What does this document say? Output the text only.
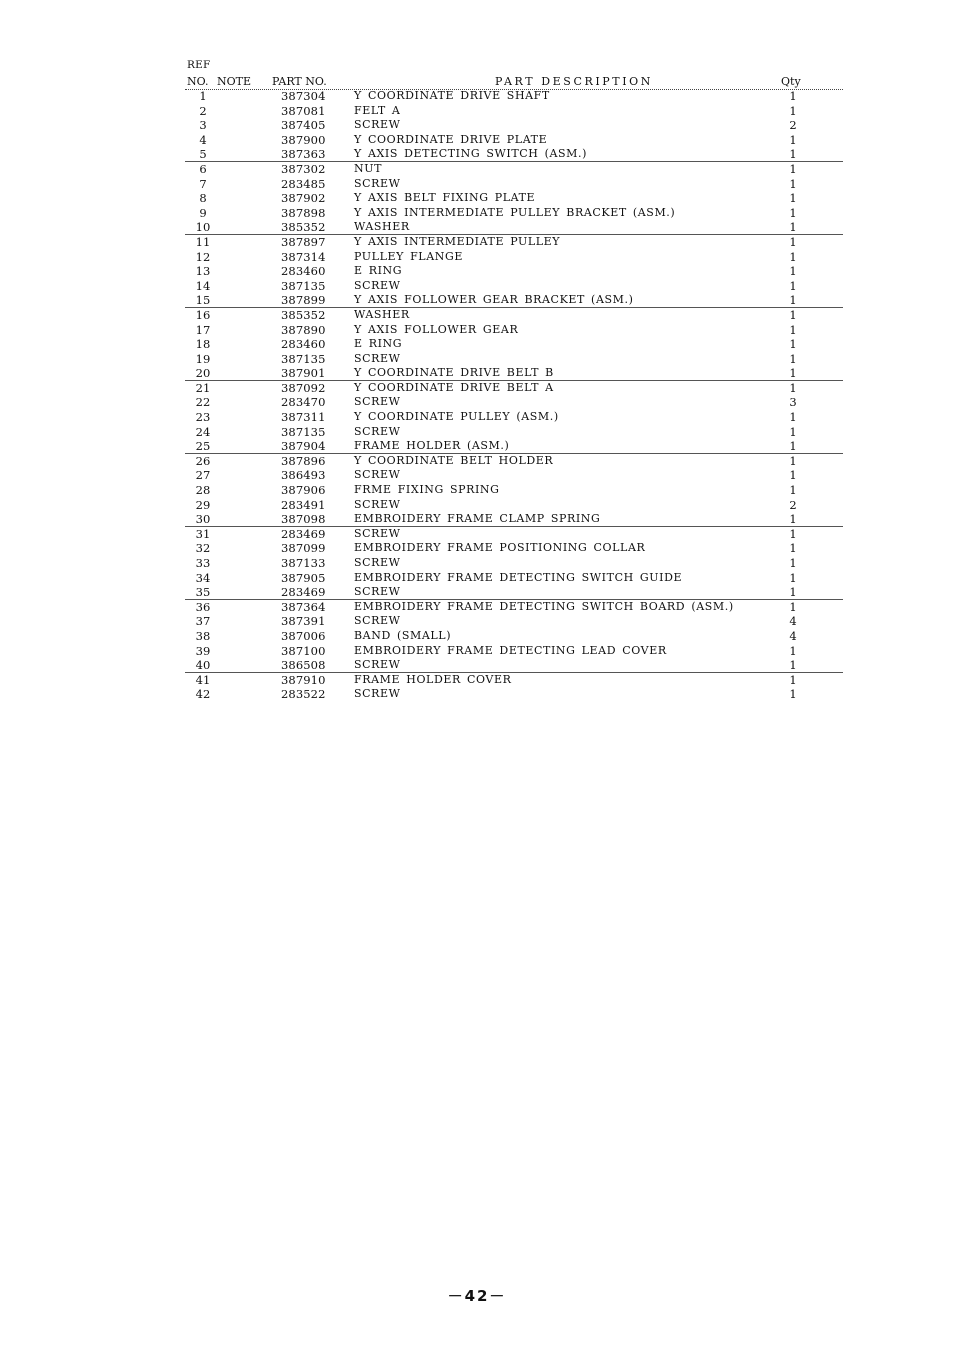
REF
NO. NOTE PART NO.	PART DESCRIPTION	Qty
1	387304	Y COORDINATE DRIVE SHAFT	1
2	387081	FELT A	1
3	387405	SCREW	2
4	387900	Y COORDINATE DRIVE PLATE	1
5	387363	Y AXIS DETECTING SWITCH (ASM.)	1
6	387302	NUT	1
7	283485	SCREW	1
8	387902	Y AXIS BELT FIXING PLATE	1
9	387898	Y AXIS INTERMEDIATE PULLEY BRACKET (ASM.)	1
10	385352	WASHER	1
11	387897	Y AXIS INTERMEDIATE PULLEY	1
12	387314	PULLEY FLANGE	1
13	283460	E RING	1
14	387135	SCREW	1
15	387899	Y AXIS FOLLOWER GEAR BRACKET (ASM.)	1
16	385352	WASHER	1
17	387890	Y AXIS FOLLOWER GEAR	1
18	283460	E RING	1
19	387135	SCREW	1
20	387901	Y COORDINATE DRIVE BELT B	1
21	387092	Y COORDINATE DRIVE BELT A	1
22	283470	SCREW	3
23	387311	Y COORDINATE PULLEY (ASM.)	1
24	387135	SCREW	1
25	387904	FRAME HOLDER (ASM.)	1
26	387896	Y COORDINATE BELT HOLDER	1
27	386493	SCREW	1
28	387906	FRME FIXING SPRING	1
29	283491	SCREW	2
30	387098	EMBROIDERY FRAME CLAMP SPRING	1
31	283469	SCREW	1
32	387099	EMBROIDERY FRAME POSITIONING COLLAR	1
33	387133	SCREW	1
34	387905	EMBROIDERY FRAME DETECTING SWITCH GUIDE	1
35	283469	SCREW	1
36	387364	EMBROIDERY FRAME DETECTING SWITCH BOARD (ASM.)	1
37	387391	SCREW	4
38	387006	BAND (SMALL)	4
39	387100	EMBROIDERY FRAME DETECTING LEAD COVER	1
40	386508	SCREW	1
41	387910	FRAME HOLDER COVER	1
42	283522	SCREW	1
－42－
